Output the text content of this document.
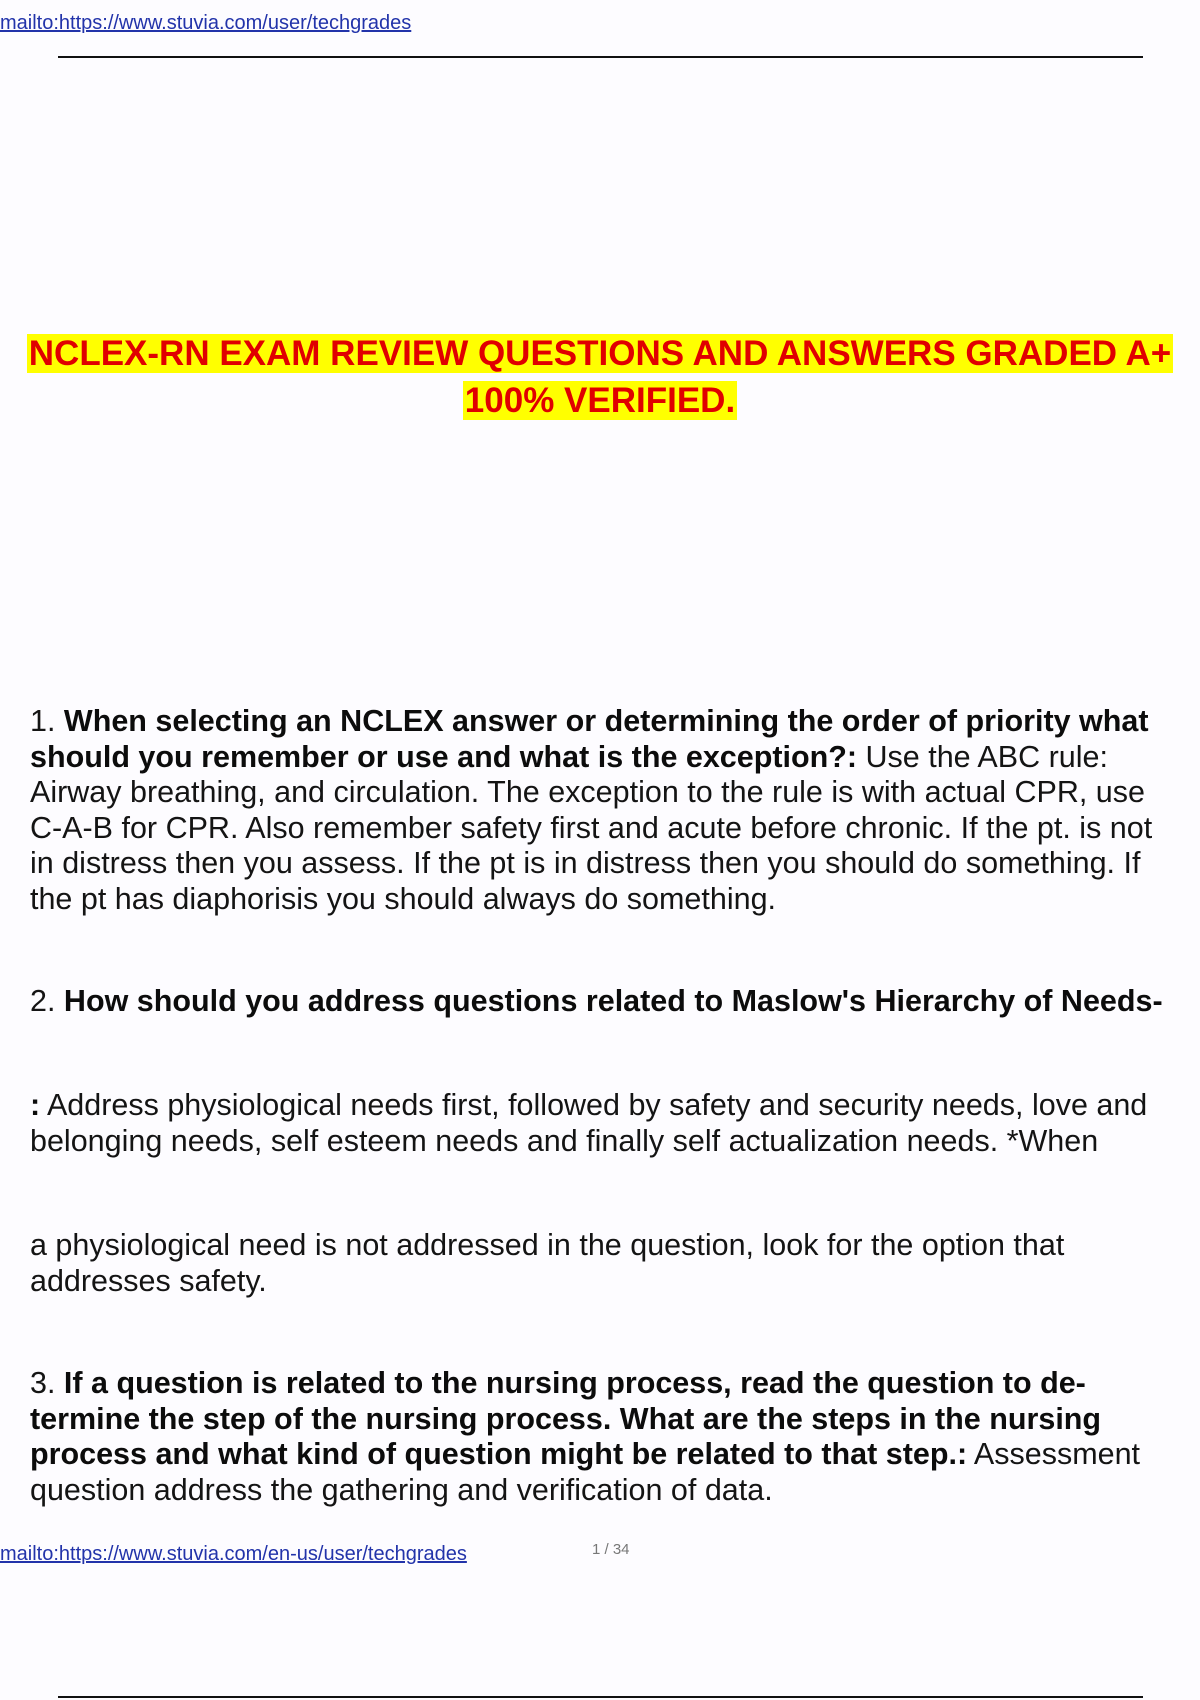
mailto:https://www.stuvia.com/user/techgrades
NCLEX-RN EXAM REVIEW QUESTIONS AND ANSWERS GRADED A+
100% VERIFIED.
1. When selecting an NCLEX answer or determining the order of priority what
should you remember or use and what is the exception?: Use the ABC rule:
Airway breathing, and circulation. The exception to the rule is with actual CPR, use
C-A-B for CPR. Also remember safety first and acute before chronic. If the pt. is not
in distress then you assess. If the pt is in distress then you should do something. If
the pt has diaphorisis you should always do something.
2. How should you address questions related to Maslow's Hierarchy of Needs-
: Address physiological needs first, followed by safety and security needs, love and
belonging needs, self esteem needs and finally self actualization needs. *When
a physiological need is not addressed in the question, look for the option that
addresses safety.
3. If a question is related to the nursing process, read the question to de-
termine the step of the nursing process. What are the steps in the nursing
process and what kind of question might be related to that step.: Assessment
question address the gathering and verification of data.
mailto:https://www.stuvia.com/en-us/user/techgrades	1 / 34
